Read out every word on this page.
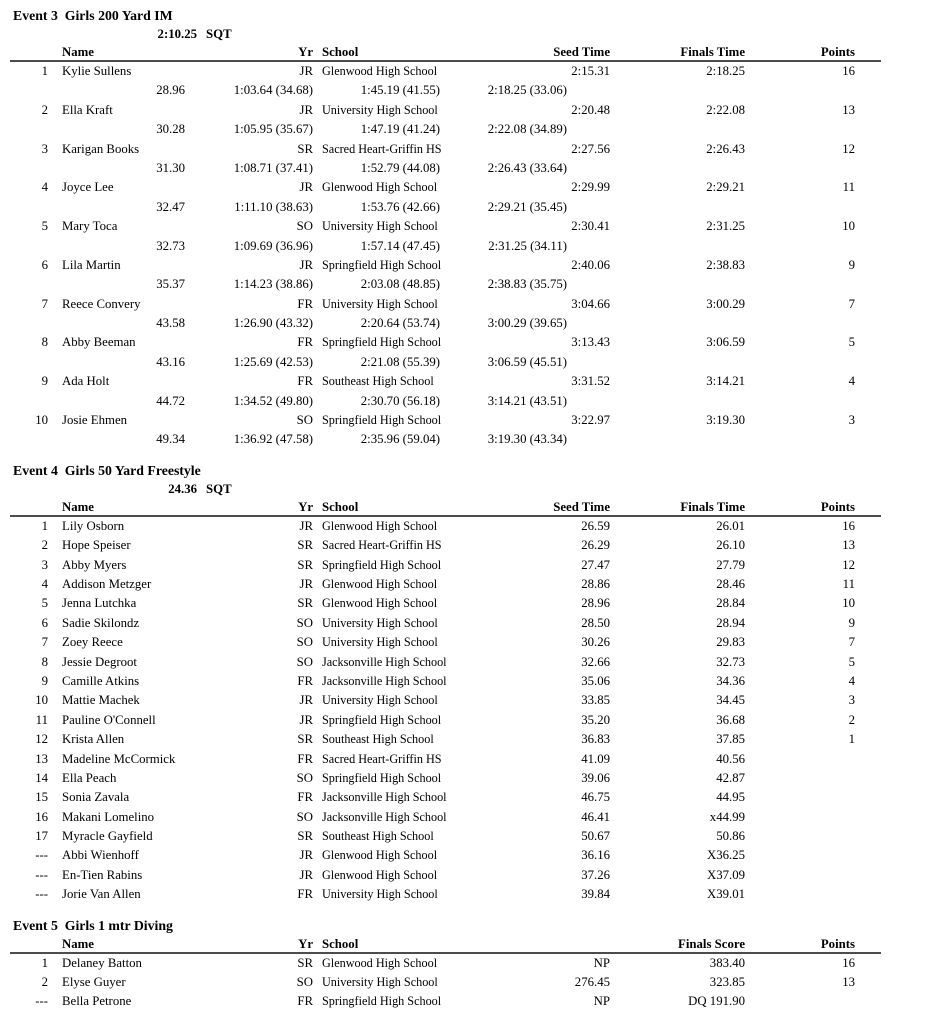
Event 3  Girls 200 Yard IM
2:10.25 SQT
Name	Yr School	Seed Time	Finals Time	Points
1	Kylie Sullens	JR Glenwood High School	2:15.31	2:18.25	16
28.96	1:03.64 (34.68)	1:45.19 (41.55)	2:18.25 (33.06)
2	Ella Kraft	JR University High School	2:20.48	2:22.08	13
30.28	1:05.95 (35.67)	1:47.19 (41.24)	2:22.08 (34.89)
3	Karigan Books	SR Sacred Heart-Griffin HS	2:27.56	2:26.43	12
31.30	1:08.71 (37.41)	1:52.79 (44.08)	2:26.43 (33.64)
4	Joyce Lee	JR Glenwood High School	2:29.99	2:29.21	11
32.47	1:11.10 (38.63)	1:53.76 (42.66)	2:29.21 (35.45)
5	Mary Toca	SO University High School	2:30.41	2:31.25	10
32.73	1:09.69 (36.96)	1:57.14 (47.45)	2:31.25 (34.11)
6	Lila Martin	JR Springfield High School	2:40.06	2:38.83	9
35.37	1:14.23 (38.86)	2:03.08 (48.85)	2:38.83 (35.75)
7	Reece Convery	FR University High School	3:04.66	3:00.29	7
43.58	1:26.90 (43.32)	2:20.64 (53.74)	3:00.29 (39.65)
8	Abby Beeman	FR Springfield High School	3:13.43	3:06.59	5
43.16	1:25.69 (42.53)	2:21.08 (55.39)	3:06.59 (45.51)
9	Ada Holt	FR Southeast High School	3:31.52	3:14.21	4
44.72	1:34.52 (49.80)	2:30.70 (56.18)	3:14.21 (43.51)
10	Josie Ehmen	SO Springfield High School	3:22.97	3:19.30	3
49.34	1:36.92 (47.58)	2:35.96 (59.04)	3:19.30 (43.34)
Event 4  Girls 50 Yard Freestyle
24.36 SQT
Name	Yr School	Seed Time	Finals Time	Points
1	Lily Osborn	JR Glenwood High School	26.59	26.01	16
2	Hope Speiser	SR Sacred Heart-Griffin HS	26.29	26.10	13
3	Abby Myers	SR Springfield High School	27.47	27.79	12
4	Addison Metzger	JR Glenwood High School	28.86	28.46	11
5	Jenna Lutchka	SR Glenwood High School	28.96	28.84	10
6	Sadie Skilondz	SO University High School	28.50	28.94	9
7	Zoey Reece	SO University High School	30.26	29.83	7
8	Jessie Degroot	SO Jacksonville High School	32.66	32.73	5
9	Camille Atkins	FR Jacksonville High School	35.06	34.36	4
10	Mattie Machek	JR University High School	33.85	34.45	3
11	Pauline O'Connell	JR Springfield High School	35.20	36.68	2
12	Krista Allen	SR Southeast High School	36.83	37.85	1
13	Madeline McCormick	FR Sacred Heart-Griffin HS	41.09	40.56
14	Ella Peach	SO Springfield High School	39.06	42.87
15	Sonia Zavala	FR Jacksonville High School	46.75	44.95
16	Makani Lomelino	SO Jacksonville High School	46.41	x44.99
17	Myracle Gayfield	SR Southeast High School	50.67	50.86
---	Abbi Wienhoff	JR Glenwood High School	36.16	X36.25
---	En-Tien Rabins	JR Glenwood High School	37.26	X37.09
---	Jorie Van Allen	FR University High School	39.84	X39.01
Event 5  Girls 1 mtr Diving
Name	Yr School	Finals Score	Points
1	Delaney Batton	SR Glenwood High School	NP	383.40	16
2	Elyse Guyer	SO University High School	276.45	323.85	13
---	Bella Petrone	FR Springfield High School	NP	DQ 191.90
